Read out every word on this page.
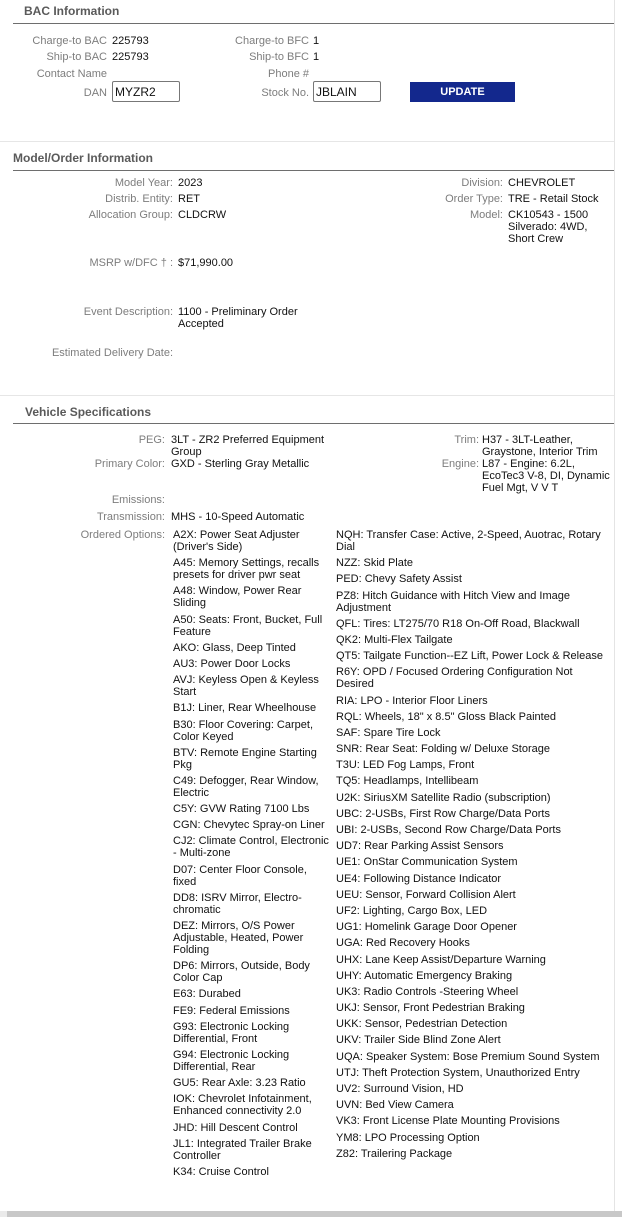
BAC Information
Charge-to BAC 225793
Ship-to BAC 225793
Contact Name
DAN
MYZR2
Charge-to BFC 1
Ship-to BFC 1
Phone #
Stock No.
JBLAIN	UPDATE
Model/Order Information
Model Year: 2023
Distrib. Entity: RET
Allocation Group: CLDCRW
MSRP w/DFC † : $71,990.00
Event Description: 1100 - Preliminary Order Accepted
Estimated Delivery Date:
Division: CHEVROLET
Order Type: TRE - Retail Stock
Model: CK10543 - 1500 Silverado: 4WD, Short Crew
Vehicle Specifications
PEG: 3LT - ZR2 Preferred Equipment Group
Primary Color: GXD - Sterling Gray Metallic
Emissions:
Transmission: MHS - 10-Speed Automatic
Trim: H37 - 3LT-Leather, Graystone, Interior Trim
Engine: L87 - Engine: 6.2L, EcoTec3 V-8, DI, Dynamic Fuel Mgt, V V T
Ordered Options: A2X: Power Seat Adjuster (Driver's Side)
A45: Memory Settings, recalls presets for driver pwr seat
A48: Window, Power Rear Sliding
A50: Seats: Front, Bucket, Full Feature
AKO: Glass, Deep Tinted
AU3: Power Door Locks
AVJ: Keyless Open & Keyless Start
B1J: Liner, Rear Wheelhouse
B30: Floor Covering: Carpet, Color Keyed
BTV: Remote Engine Starting Pkg
C49: Defogger, Rear Window, Electric
C5Y: GVW Rating 7100 Lbs
CGN: Chevytec Spray-on Liner
CJ2: Climate Control, Electronic - Multi-zone
D07: Center Floor Console, fixed
DD8: ISRV Mirror, Electro-chromatic
DEZ: Mirrors, O/S Power Adjustable, Heated, Power Folding
DP6: Mirrors, Outside, Body Color Cap
E63: Durabed
FE9: Federal Emissions
G93: Electronic Locking Differential, Front
G94: Electronic Locking Differential, Rear
GU5: Rear Axle: 3.23 Ratio
IOK: Chevrolet Infotainment, Enhanced connectivity 2.0
JHD: Hill Descent Control
JL1: Integrated Trailer Brake Controller
K34: Cruise Control
NQH: Transfer Case: Active, 2-Speed, Auotrac, Rotary Dial
NZZ: Skid Plate
PED: Chevy Safety Assist
PZ8: Hitch Guidance with Hitch View and Image Adjustment
QFL: Tires: LT275/70 R18 On-Off Road, Blackwall
QK2: Multi-Flex Tailgate
QT5: Tailgate Function--EZ Lift, Power Lock & Release
R6Y: OPD / Focused Ordering Configuration Not Desired
RIA: LPO - Interior Floor Liners
RQL: Wheels, 18" x 8.5" Gloss Black Painted
SAF: Spare Tire Lock
SNR: Rear Seat: Folding w/ Deluxe Storage
T3U: LED Fog Lamps, Front
TQ5: Headlamps, Intellibeam
U2K: SiriusXM Satellite Radio (subscription)
UBC: 2-USBs, First Row Charge/Data Ports
UBI: 2-USBs, Second Row Charge/Data Ports
UD7: Rear Parking Assist Sensors
UE1: OnStar Communication System
UE4: Following Distance Indicator
UEU: Sensor, Forward Collision Alert
UF2: Lighting, Cargo Box, LED
UG1: Homelink Garage Door Opener
UGA: Red Recovery Hooks
UHX: Lane Keep Assist/Departure Warning
UHY: Automatic Emergency Braking
UK3: Radio Controls -Steering Wheel
UKJ: Sensor, Front Pedestrian Braking
UKK: Sensor, Pedestrian Detection
UKV: Trailer Side Blind Zone Alert
UQA: Speaker System: Bose Premium Sound System
UTJ: Theft Protection System, Unauthorized Entry
UV2: Surround Vision, HD
UVN: Bed View Camera
VK3: Front License Plate Mounting Provisions
YM8: LPO Processing Option
Z82: Trailering Package
